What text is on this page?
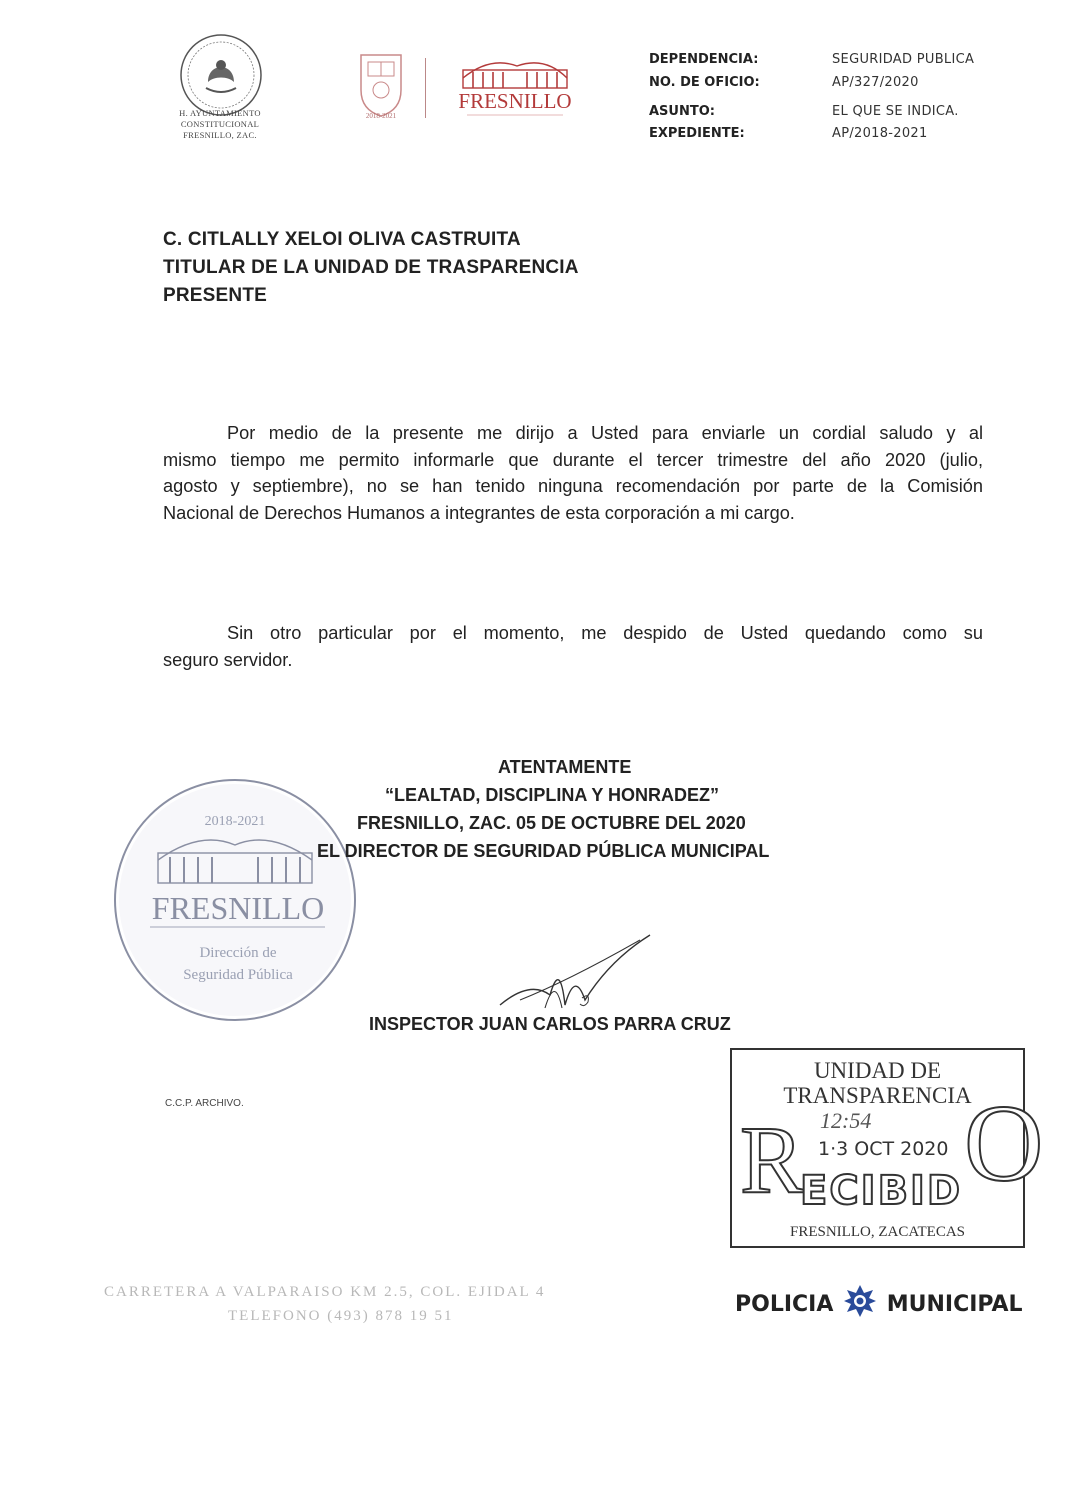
H. AYUNTAMIENTO
CONSTITUCIONAL
FRESNILLO, ZAC.
2018-2021
FRESNILLO
DEPENDENCIA:	SEGURIDAD PUBLICA
NO. DE OFICIO:	AP/327/2020
ASUNTO:	EL QUE SE INDICA.
EXPEDIENTE:	AP/2018-2021
C. CITLALLY XELOI OLIVA CASTRUITA
TITULAR DE LA UNIDAD DE TRASPARENCIA
PRESENTE
Por medio de la presente me dirijo a Usted para enviarle un cordial saludo y al
mismo tiempo me permito informarle que durante el tercer trimestre del año 2020 (julio,
agosto y septiembre), no se han tenido ninguna recomendación por parte de la Comisión
Nacional de Derechos Humanos a integrantes de esta corporación a mi cargo.
Sin otro particular por el momento, me despido de Usted quedando como su
seguro servidor.
2018-2021
FRESNILLO
Dirección de
Seguridad Pública
ATENTAMENTE
“LEALTAD, DISCIPLINA Y HONRADEZ”
FRESNILLO, ZAC. 05 DE OCTUBRE DEL 2020
EL DIRECTOR DE SEGURIDAD PÚBLICA MUNICIPAL
INSPECTOR JUAN CARLOS PARRA CRUZ
C.C.P. ARCHIVO.
UNIDAD DE
TRANSPARENCIA
12:54
1·3 OCT 2020
R
ECIBID O
FRESNILLO, ZACATECAS
CARRETERA A VALPARAISO KM 2.5, COL. EJIDAL 4
TELEFONO (493) 878 19 51	POLICIA MUNICIPAL
